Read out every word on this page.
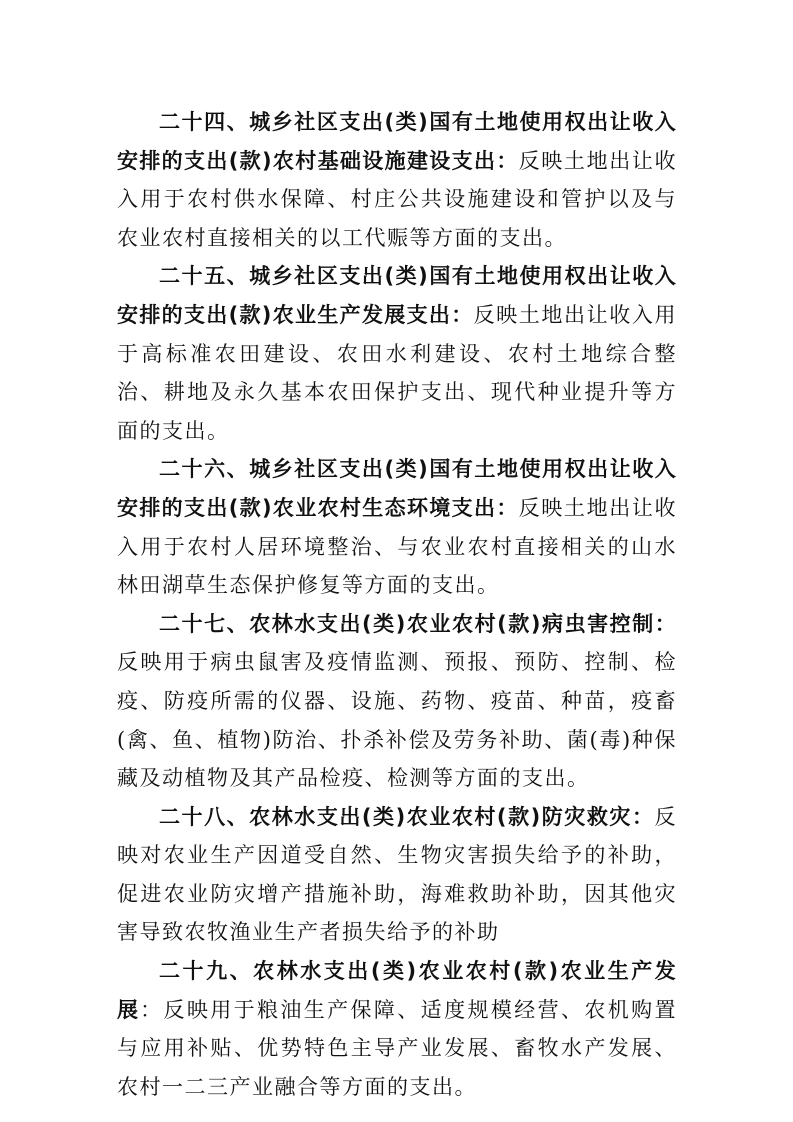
二十四、城乡社区支出(类)国有土地使用权出让收入安排的支出(款)农村基础设施建设支出：反映土地出让收入用于农村供水保障、村庄公共设施建设和管护以及与农业农村直接相关的以工代赈等方面的支出。

二十五、城乡社区支出(类)国有土地使用权出让收入安排的支出(款)农业生产发展支出：反映土地出让收入用于高标准农田建设、农田水利建设、农村土地综合整治、耕地及永久基本农田保护支出、现代种业提升等方面的支出。

二十六、城乡社区支出(类)国有土地使用权出让收入安排的支出(款)农业农村生态环境支出：反映土地出让收入用于农村人居环境整治、与农业农村直接相关的山水林田湖草生态保护修复等方面的支出。

二十七、农林水支出(类)农业农村(款)病虫害控制：反映用于病虫鼠害及疫情监测、预报、预防、控制、检疫、防疫所需的仪器、设施、药物、疫苗、种苗，疫畜(禽、鱼、植物)防治、扑杀补偿及劳务补助、菌(毒)种保藏及动植物及其产品检疫、检测等方面的支出。

二十八、农林水支出(类)农业农村(款)防灾救灾：反映对农业生产因道受自然、生物灾害损失给予的补助，促进农业防灾增产措施补助，海难救助补助，因其他灾害导致农牧渔业生产者损失给予的补助

二十九、农林水支出(类)农业农村(款)农业生产发展：反映用于粮油生产保障、适度规模经营、农机购置与应用补贴、优势特色主导产业发展、畜牧水产发展、农村一二三产业融合等方面的支出。
